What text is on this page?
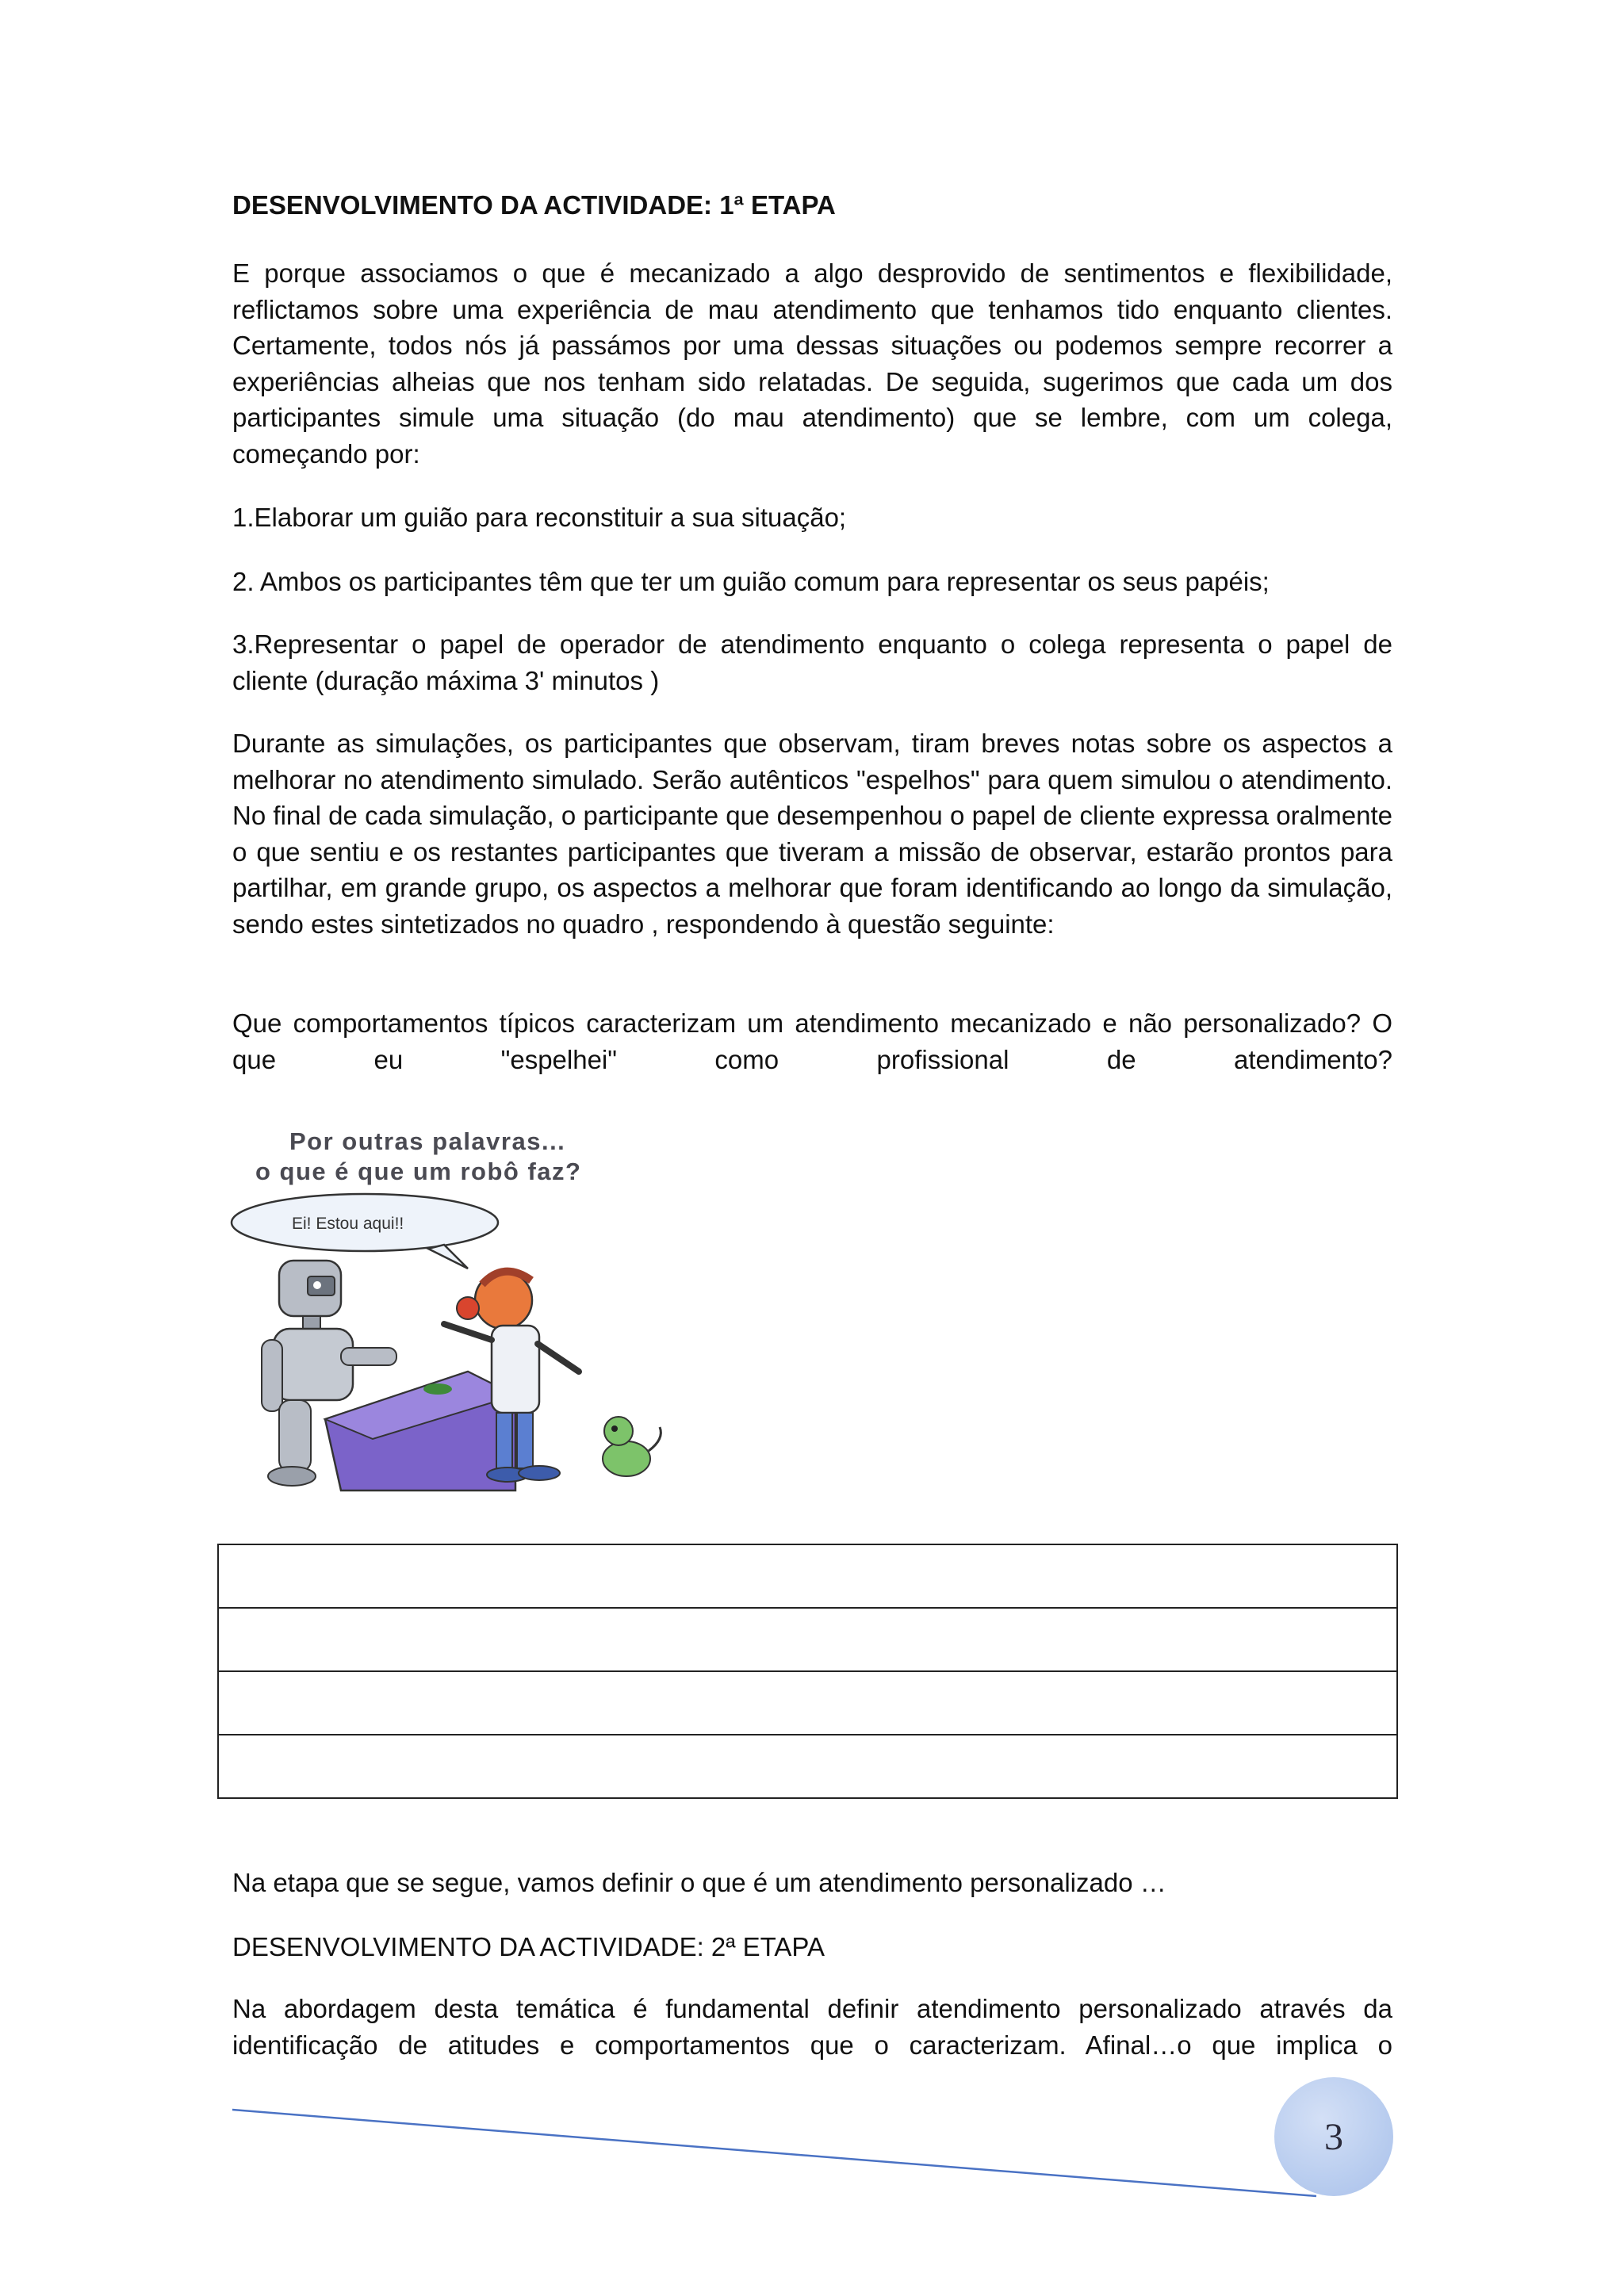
DESENVOLVIMENTO DA ACTIVIDADE: 1ª ETAPA

E porque associamos o que é mecanizado a algo desprovido de sentimentos e flexibilidade, reflictamos sobre uma experiência de mau atendimento que tenhamos tido enquanto clientes. Certamente, todos nós já passámos por uma dessas situações ou podemos sempre recorrer a experiências alheias que nos tenham sido relatadas. De seguida, sugerimos que cada um dos participantes simule uma situação (do mau atendimento) que se lembre, com um colega, começando por:

1.Elaborar um guião para reconstituir a sua situação;

2. Ambos os participantes têm que ter um guião comum para representar os seus papéis;

3.Representar o papel de operador de atendimento enquanto o colega representa o papel de cliente (duração máxima 3' minutos )

Durante as simulações, os participantes que observam, tiram breves notas sobre os aspectos a melhorar no atendimento simulado. Serão autênticos "espelhos" para quem simulou o atendimento. No final de cada simulação, o participante que desempenhou o papel de cliente expressa oralmente o que sentiu e os restantes participantes que tiveram a missão de observar, estarão prontos para partilhar, em grande grupo, os aspectos a melhorar que foram identificando ao longo da simulação, sendo estes sintetizados no quadro , respondendo à questão seguinte:

Que comportamentos típicos caracterizam um atendimento mecanizado e não personalizado? O que eu "espelhei" como profissional de atendimento?

Por outras palavras...

o que é que um robô faz?

Ei! Estou aqui!!

Na etapa que se segue, vamos definir o que é um atendimento personalizado …

DESENVOLVIMENTO DA ACTIVIDADE: 2ª ETAPA

Na abordagem desta temática é fundamental definir atendimento personalizado através da identificação de atitudes e comportamentos que o caracterizam. Afinal…o que implica o

3
